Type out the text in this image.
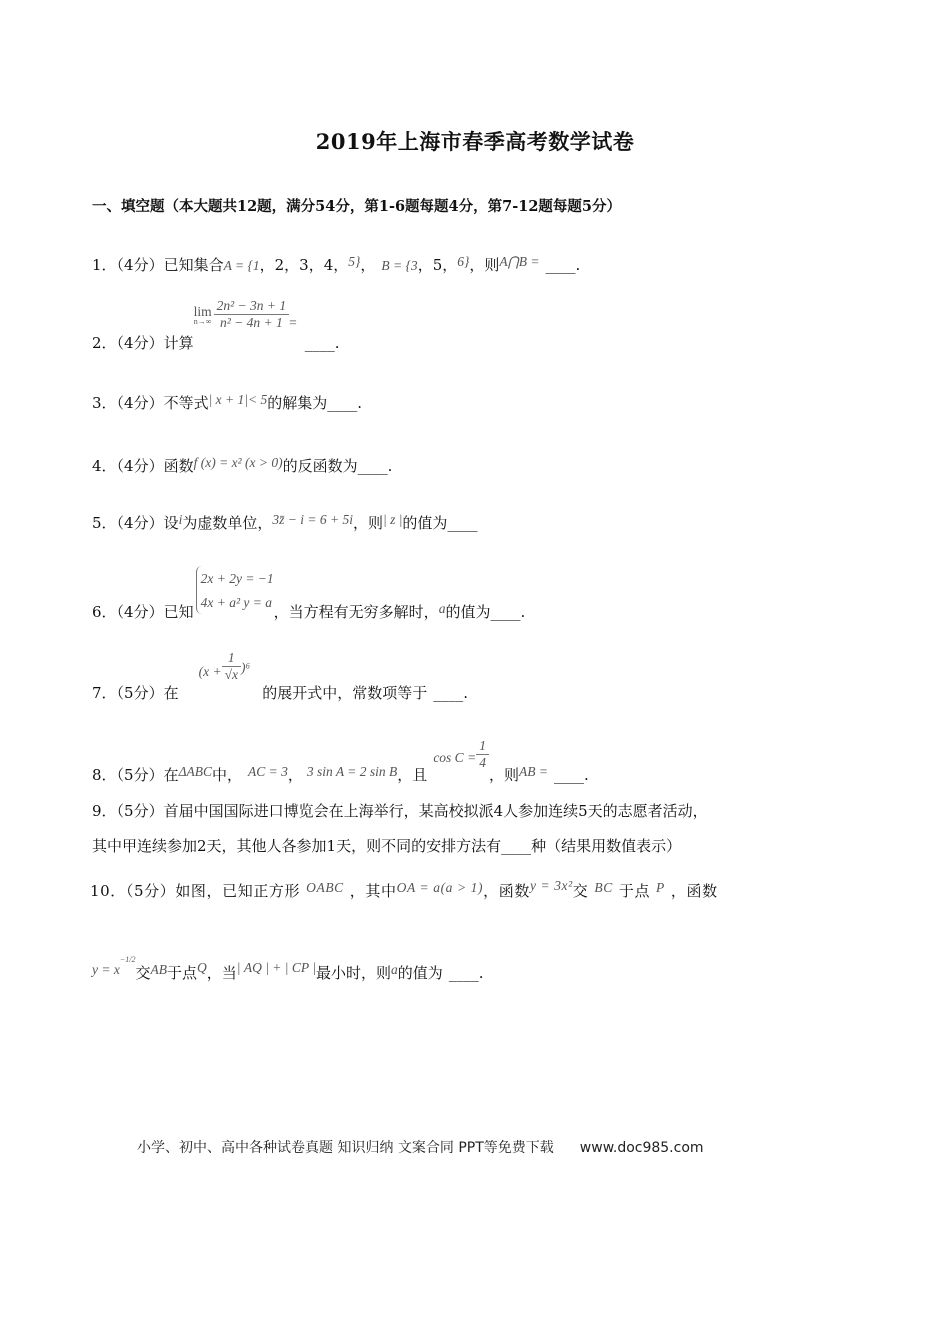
2019年上海市春季高考数学试卷
一、填空题（本大题共12题，满分54分，第1-6题每题4分，第7-12题每题5分）
1．（4分）已知集合A = {1，2，3，4，5}， B = {3，5，6}，则A⋂B = ____.
2．（4分）计算
lim
$n\to\infty \frac{\text{2n² − 3n + 1}}{\text{n² − 4n + 1}}$ =____.
3．（4分）不等式| x + 1|< 5的解集为____.
4．（4分）函数f (x) = x² (x > 0)的反函数为____.
5．（4分）设i为虚数单位，3z̄ − i = 6 + 5i，则| z |的值为____
6．（4分）已知
2x + 2y = −1
4x + a² y = a
，当方程有无穷多解时，a的值为____.
7．（5分）在$(x + \frac{1}{√x} )^6$的展开式中，常数项等于 ____.
8．（5分）在ΔABC中， AC = 3， 3 sin A = 2 sin B，且$\cos C = \frac{1}{4}$
，则AB = ____.
9．（5分）首届中国国际进口博览会在上海举行，某高校拟派4人参加连续5天的志愿者活动，
其中甲连续参加2天，其他人各参加1天，则不同的安排方法有____种（结果用数值表示）
10．（5分）如图，已知正方形 OABC ，其中OA = a(a > 1)，函数y = 3x²交 BC 于点 P ，函数
$y = x^{-1/2}$交AB于点Q，当| AQ | + | CP |最小时，则a的值为 ____.
小学、初中、高中各种试卷真题 知识归纳 文案合同 PPT等免费下载 www.doc985.com
